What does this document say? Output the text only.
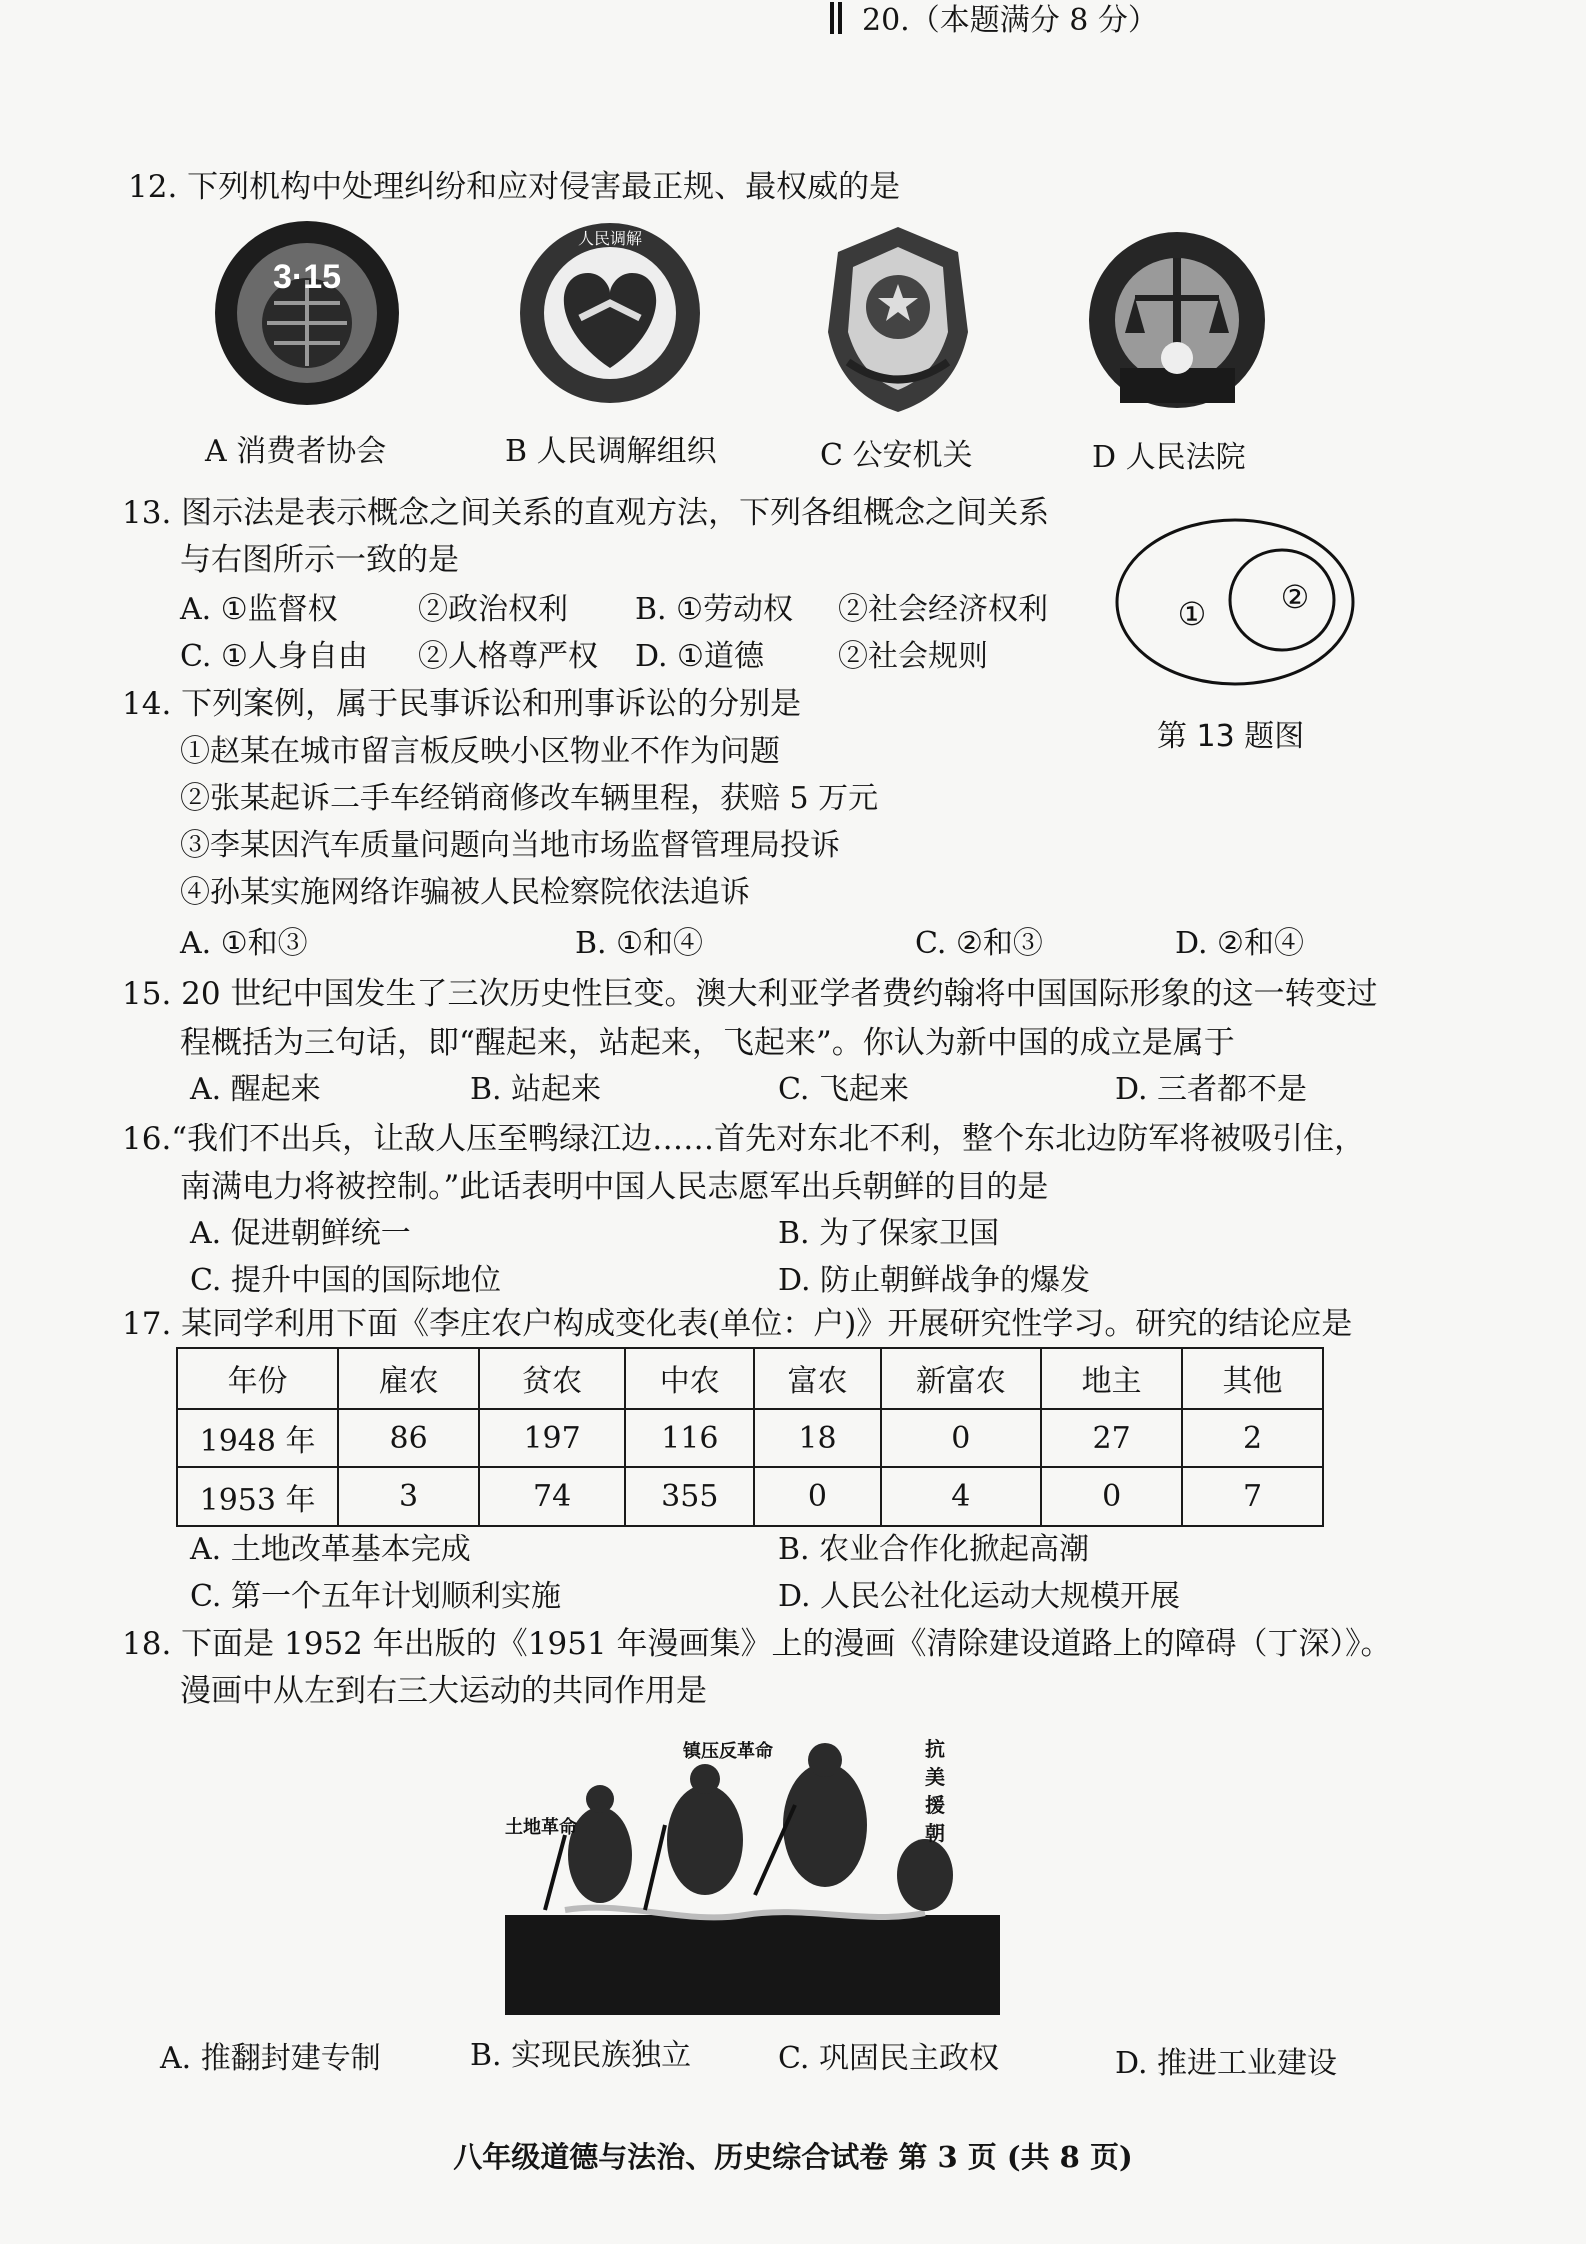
20.（本题满分 8 分）
12. 下列机构中处理纠纷和应对侵害最正规、最权威的是
3·15
人民调解
A 消费者协会	B 人民调解组织	C 公安机关	D 人民法院
13. 图示法是表示概念之间关系的直观方法，下列各组概念之间关系
与右图所示一致的是
A. ①监督权	②政治权利 B. ①劳动权 ②社会经济权利
C. ①人身自由 ②人格尊严权 D. ①道德 ②社会规则
① ②
第 13 题图
14. 下列案例，属于民事诉讼和刑事诉讼的分别是
①赵某在城市留言板反映小区物业不作为问题
②张某起诉二手车经销商修改车辆里程，获赔 5 万元
③李某因汽车质量问题向当地市场监督管理局投诉
④孙某实施网络诈骗被人民检察院依法追诉
A. ①和③	B. ①和④	C. ②和③	D. ②和④
15. 20 世纪中国发生了三次历史性巨变。澳大利亚学者费约翰将中国国际形象的这一转变过
程概括为三句话，即“醒起来，站起来，飞起来”。你认为新中国的成立是属于
A. 醒起来	B. 站起来	C. 飞起来	D. 三者都不是
16.“我们不出兵，让敌人压至鸭绿江边……首先对东北不利，整个东北边防军将被吸引住，
南满电力将被控制。”此话表明中国人民志愿军出兵朝鲜的目的是
A. 促进朝鲜统一	B. 为了保家卫国
C. 提升中国的国际地位	D. 防止朝鲜战争的爆发
17. 某同学利用下面《李庄农户构成变化表(单位：户)》开展研究性学习。研究的结论应是
年份	雇农	贫农	中农	富农	新富农	地主	其他
1948 年	86	197	116	18	0	27	2
1953 年	3	74	355	0	4	0	7
A. 土地改革基本完成	B. 农业合作化掀起高潮
C. 第一个五年计划顺利实施	D. 人民公社化运动大规模开展
18. 下面是 1952 年出版的《1951 年漫画集》上的漫画《清除建设道路上的障碍（丁深）》。
漫画中从左到右三大运动的共同作用是
土地革命
镇压反革命	抗美援朝
A. 推翻封建专制	B. 实现民族独立	C. 巩固民主政权	D. 推进工业建设
八年级道德与法治、历史综合试卷 第 3 页 (共 8 页)
